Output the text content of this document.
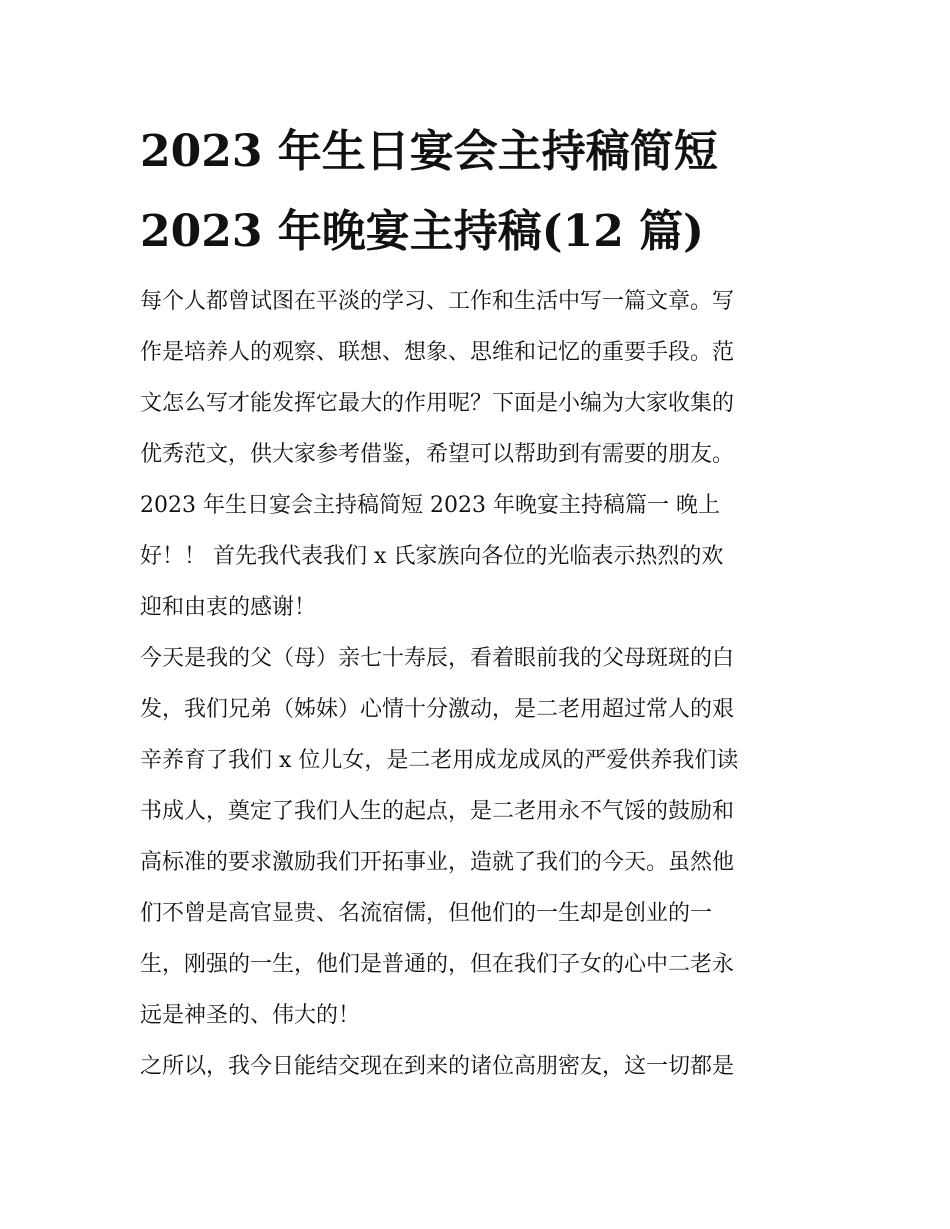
2023 年生日宴会主持稿简短
2023 年晚宴主持稿(12 篇)
每个人都曾试图在平淡的学习、工作和生活中写一篇文章。写
作是培养人的观察、联想、想象、思维和记忆的重要手段。范
文怎么写才能发挥它最大的作用呢？下面是小编为大家收集的
优秀范文，供大家参考借鉴，希望可以帮助到有需要的朋友。
2023 年生日宴会主持稿简短 2023 年晚宴主持稿篇一 晚上
好！！ 首先我代表我们 x 氏家族向各位的光临表示热烈的欢
迎和由衷的感谢！
今天是我的父（母）亲七十寿辰，看着眼前我的父母斑斑的白
发，我们兄弟（姊妹）心情十分激动，是二老用超过常人的艰
辛养育了我们 x 位儿女，是二老用成龙成凤的严爱供养我们读
书成人，奠定了我们人生的起点，是二老用永不气馁的鼓励和
高标准的要求激励我们开拓事业，造就了我们的今天。虽然他
们不曾是高官显贵、名流宿儒，但他们的一生却是创业的一
生，刚强的一生，他们是普通的，但在我们子女的心中二老永
远是神圣的、伟大的！
之所以，我今日能结交现在到来的诸位高朋密友，这一切都是
